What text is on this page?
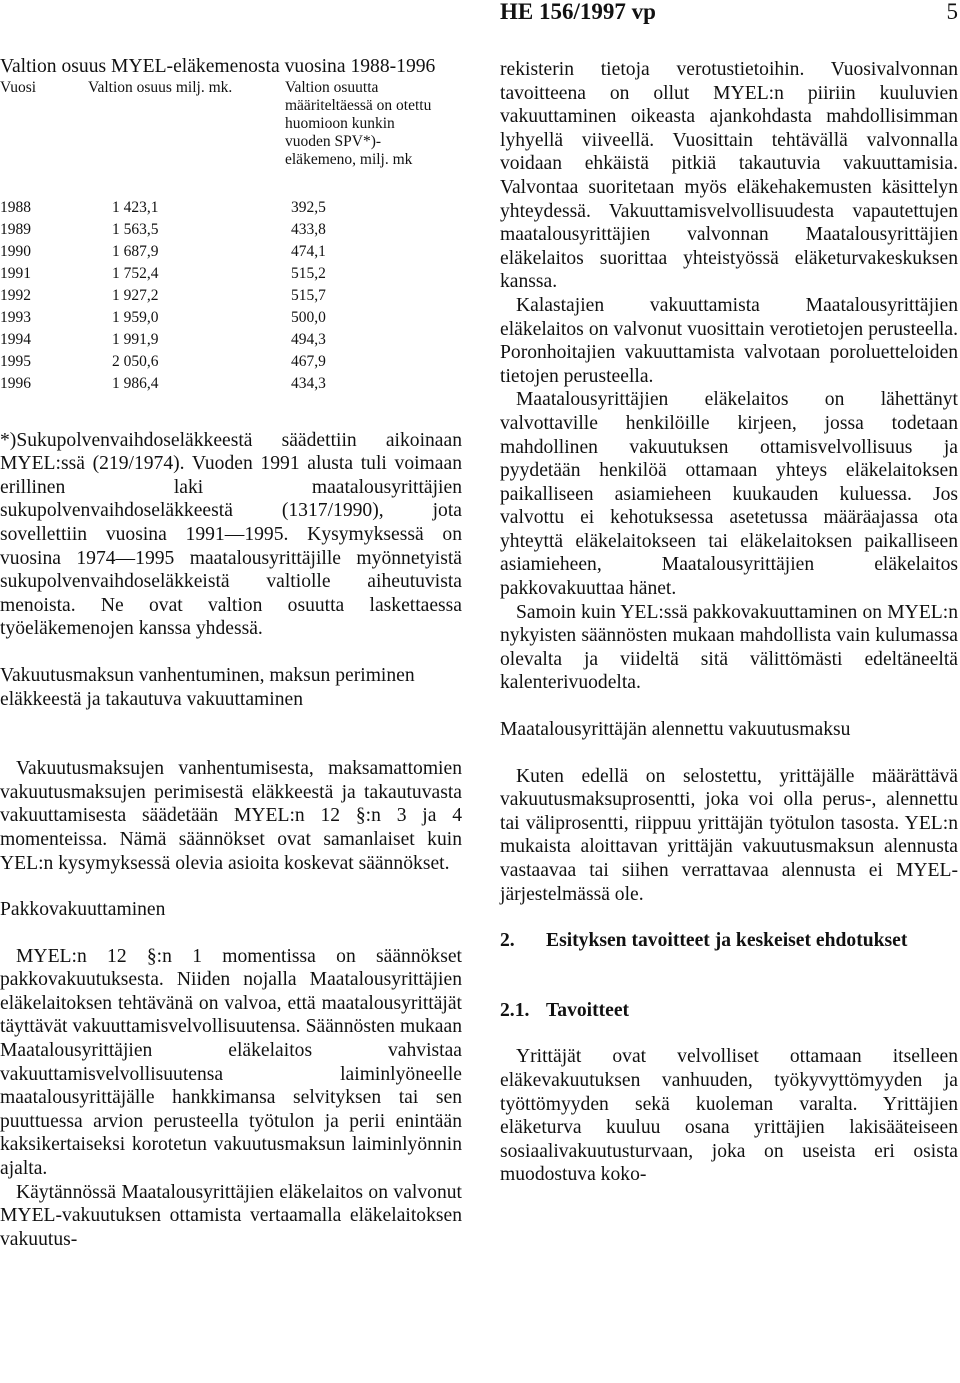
HE 156/1997 vp	5

Valtion osuus MYEL-eläkemenosta vuosina 1988-1996

Vuosi	Valtion osuus milj. mk.	Valtion osuutta
määriteltäessä on otettu
huomioon kunkin
vuoden SPV*)-
eläkemeno, milj. mk
1988	1 423,1	392,5
1989	1 563,5	433,8
1990	1 687,9	474,1
1991	1 752,4	515,2
1992	1 927,2	515,7
1993	1 959,0	500,0
1994	1 991,9	494,3
1995	2 050,6	467,9
1996	1 986,4	434,3

*)Sukupolvenvaihdoseläkkeestä säädettiin aikoinaan MYEL:ssä (219/1974). Vuoden 1991 alusta tuli voimaan erillinen laki maatalousyrittäjien sukupolvenvaihdoseläkkeestä (1317/1990), jota sovellettiin vuosina 1991—1995. Kysymyksessä on vuosina 1974—1995 maatalousyrittäjille myönnetyistä sukupolvenvaihdoseläkkeistä valtiolle aiheutuvista menoista. Ne ovat valtion osuutta laskettaessa työeläkemenojen kanssa yhdessä.

Vakuutusmaksun vanhentuminen, maksun periminen eläkkeestä ja takautuva vakuuttaminen

Vakuutusmaksujen vanhentumisesta, maksamattomien vakuutusmaksujen perimisestä eläkkeestä ja takautuvasta vakuuttamisesta säädetään MYEL:n 12 §:n 3 ja 4 momenteissa. Nämä säännökset ovat samanlaiset kuin YEL:n kysymyksessä olevia asioita koskevat säännökset.

Pakkovakuuttaminen

MYEL:n 12 §:n 1 momentissa on säännökset pakkovakuutuksesta. Niiden nojalla Maatalousyrittäjien eläkelaitoksen tehtävänä on valvoa, että maatalousyrittäjät täyttävät vakuuttamisvelvollisuutensa. Säännösten mukaan Maatalousyrittäjien eläkelaitos vahvistaa vakuuttamisvelvollisuutensa laiminlyöneelle maatalousyrittäjälle hankkimansa selvityksen tai sen puuttuessa arvion perusteella työtulon ja perii enintään kaksikertaiseksi korotetun vakuutusmaksun laiminlyönnin ajalta.

Käytännössä Maatalousyrittäjien eläkelaitos on valvonut MYEL-vakuutuksen ottamista vertaamalla eläkelaitoksen vakuutus-

rekisterin tietoja verotustietoihin. Vuosivalvonnan tavoitteena on ollut MYEL:n piiriin kuuluvien vakuuttaminen oikeasta ajankohdasta mahdollisimman lyhyellä viiveellä. Vuosittain tehtävällä valvonnalla voidaan ehkäistä pitkiä takautuvia vakuuttamisia. Valvontaa suoritetaan myös eläkehakemusten käsittelyn yhteydessä. Vakuuttamisvelvollisuudesta vapautettujen maatalousyrittäjien valvonnan Maatalousyrittäjien eläkelaitos suorittaa yhteistyössä eläketurvakeskuksen kanssa.

Kalastajien vakuuttamista Maatalousyrittäjien eläkelaitos on valvonut vuosittain verotietojen perusteella. Poronhoitajien vakuuttamista valvotaan poroluetteloiden tietojen perusteella.

Maatalousyrittäjien eläkelaitos on lähettänyt valvottaville henkilöille kirjeen, jossa todetaan mahdollinen vakuutuksen ottamisvelvollisuus ja pyydetään henkilöä ottamaan yhteys eläkelaitoksen paikalliseen asiamieheen kuukauden kuluessa. Jos valvottu ei kehotuksessa asetetussa määräajassa ota yhteyttä eläkelaitokseen tai eläkelaitoksen paikalliseen asiamieheen, Maatalousyrittäjien eläkelaitos pakkovakuuttaa hänet.

Samoin kuin YEL:ssä pakkovakuuttaminen on MYEL:n nykyisten säännösten mukaan mahdollista vain kulumassa olevalta ja viideltä sitä välittömästi edeltäneeltä kalenterivuodelta.

Maatalousyrittäjän alennettu vakuutusmaksu

Kuten edellä on selostettu, yrittäjälle määrättävä vakuutusmaksuprosentti, joka voi olla perus-, alennettu tai väliprosentti, riippuu yrittäjän työtulon tasosta. YEL:n mukaista aloittavan yrittäjän vakuutusmaksun alennusta vastaavaa tai siihen verrattavaa alennusta ei MYEL-järjestelmässä ole.

2.	Esityksen tavoitteet ja keskeiset ehdotukset
2.1. Tavoitteet

Yrittäjät ovat velvolliset ottamaan itselleen eläkevakuutuksen vanhuuden, työkyvyttömyyden ja työttömyyden sekä kuoleman varalta. Yrittäjien eläketurva kuuluu osana yrittäjien lakisääteiseen sosiaalivakuutusturvaan, joka on useista eri osista muodostuva koko-
